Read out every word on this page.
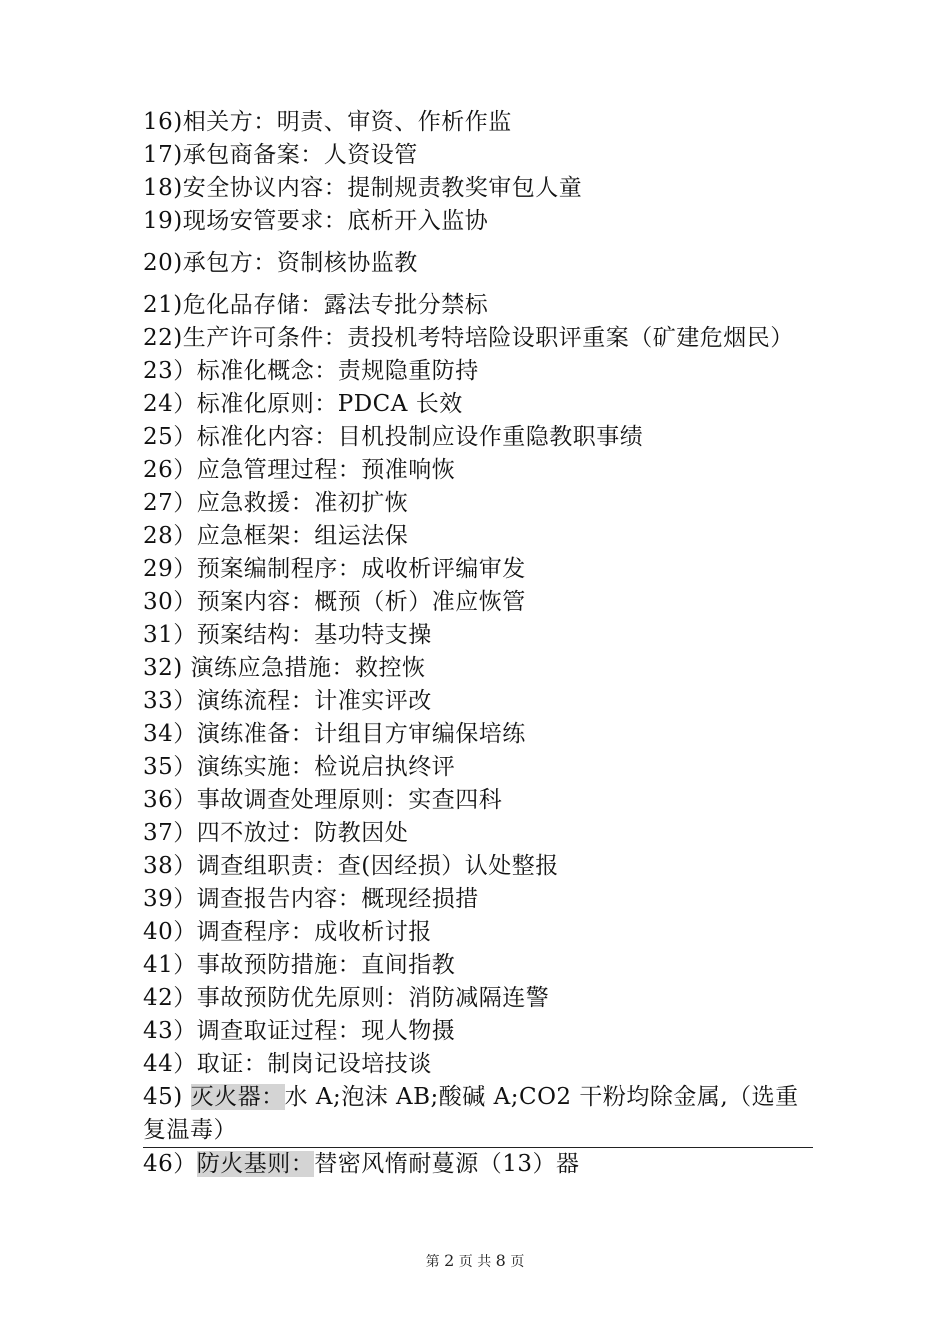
16)相关方：明责、审资、作析作监
17)承包商备案：人资设管
18)安全协议内容：提制规责教奖审包人童
19)现场安管要求：底析开入监协
20)承包方：资制核协监教
21)危化品存储：露法专批分禁标
22)生产许可条件：责投机考特培险设职评重案（矿建危烟民）
23）标准化概念：责规隐重防持
24）标准化原则：PDCA 长效
25）标准化内容：目机投制应设作重隐教职事绩
26）应急管理过程：预准响恢
27）应急救援：准初扩恢
28）应急框架：组运法保
29）预案编制程序：成收析评编审发
30）预案内容：概预（析）准应恢管
31）预案结构：基功特支操
32) 演练应急措施：救控恢
33）演练流程：计准实评改
34）演练准备：计组目方审编保培练
35）演练实施：检说启执终评
36）事故调查处理原则：实查四科
37）四不放过：防教因处
38）调查组职责：查(因经损）认处整报
39）调查报告内容：概现经损措
40）调查程序：成收析讨报
41）事故预防措施：直间指教
42）事故预防优先原则：消防减隔连警
43）调查取证过程：现人物摄
44）取证：制岗记设培技谈
45) 灭火器：水 A;泡沫 AB;酸碱 A;CO2 干粉均除金属,（选重复温毒）
46）防火基则：替密风惰耐蔓源（13）器
第 2 页 共 8 页
